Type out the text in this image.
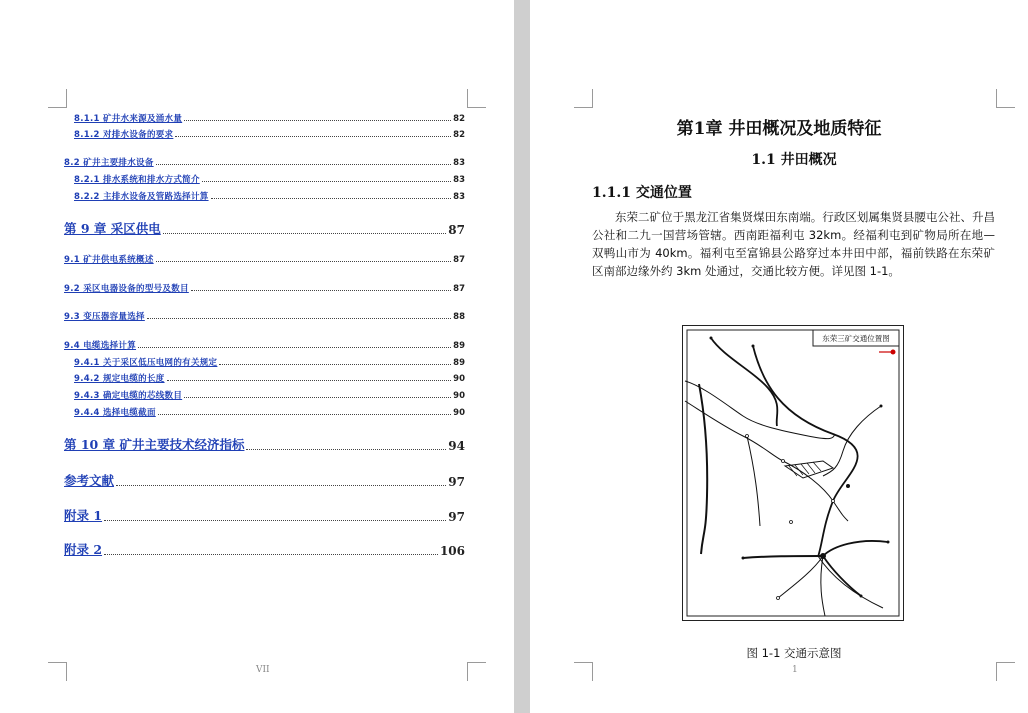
8.1.1 矿井水来源及涌水量	82
8.1.2 对排水设备的要求	82
8.2 矿井主要排水设备	83
8.2.1 排水系统和排水方式简介	83
8.2.2 主排水设备及管路选择计算	83
第 9 章 采区供电	87
9.1 矿井供电系统概述	87
9.2 采区电器设备的型号及数目	87
9.3 变压器容量选择	88
9.4 电缆选择计算	89
9.4.1 关于采区低压电网的有关规定	89
9.4.2 规定电缆的长度	90
9.4.3 确定电缆的芯线数目	90
9.4.4 选择电缆截面	90
第 10 章 矿井主要技术经济指标	94
参考文献	97
附录 1	97
附录 2	106
VII
第1章 井田概况及地质特征
1.1 井田概况
1.1.1 交通位置

东荣二矿位于黑龙江省集贤煤田东南端。行政区划属集贤县腰屯公社、升昌公社和二九一国营场管辖。西南距福利屯 32km。经福利屯到矿物局所在地—双鸭山市为 40km。福利屯至富锦县公路穿过本井田中部，福前铁路在东荣矿区南部边缘外约 3km 处通过，交通比较方便。详见图 1-1。

东荣三矿交通位置图
图 1-1 交通示意图
1
